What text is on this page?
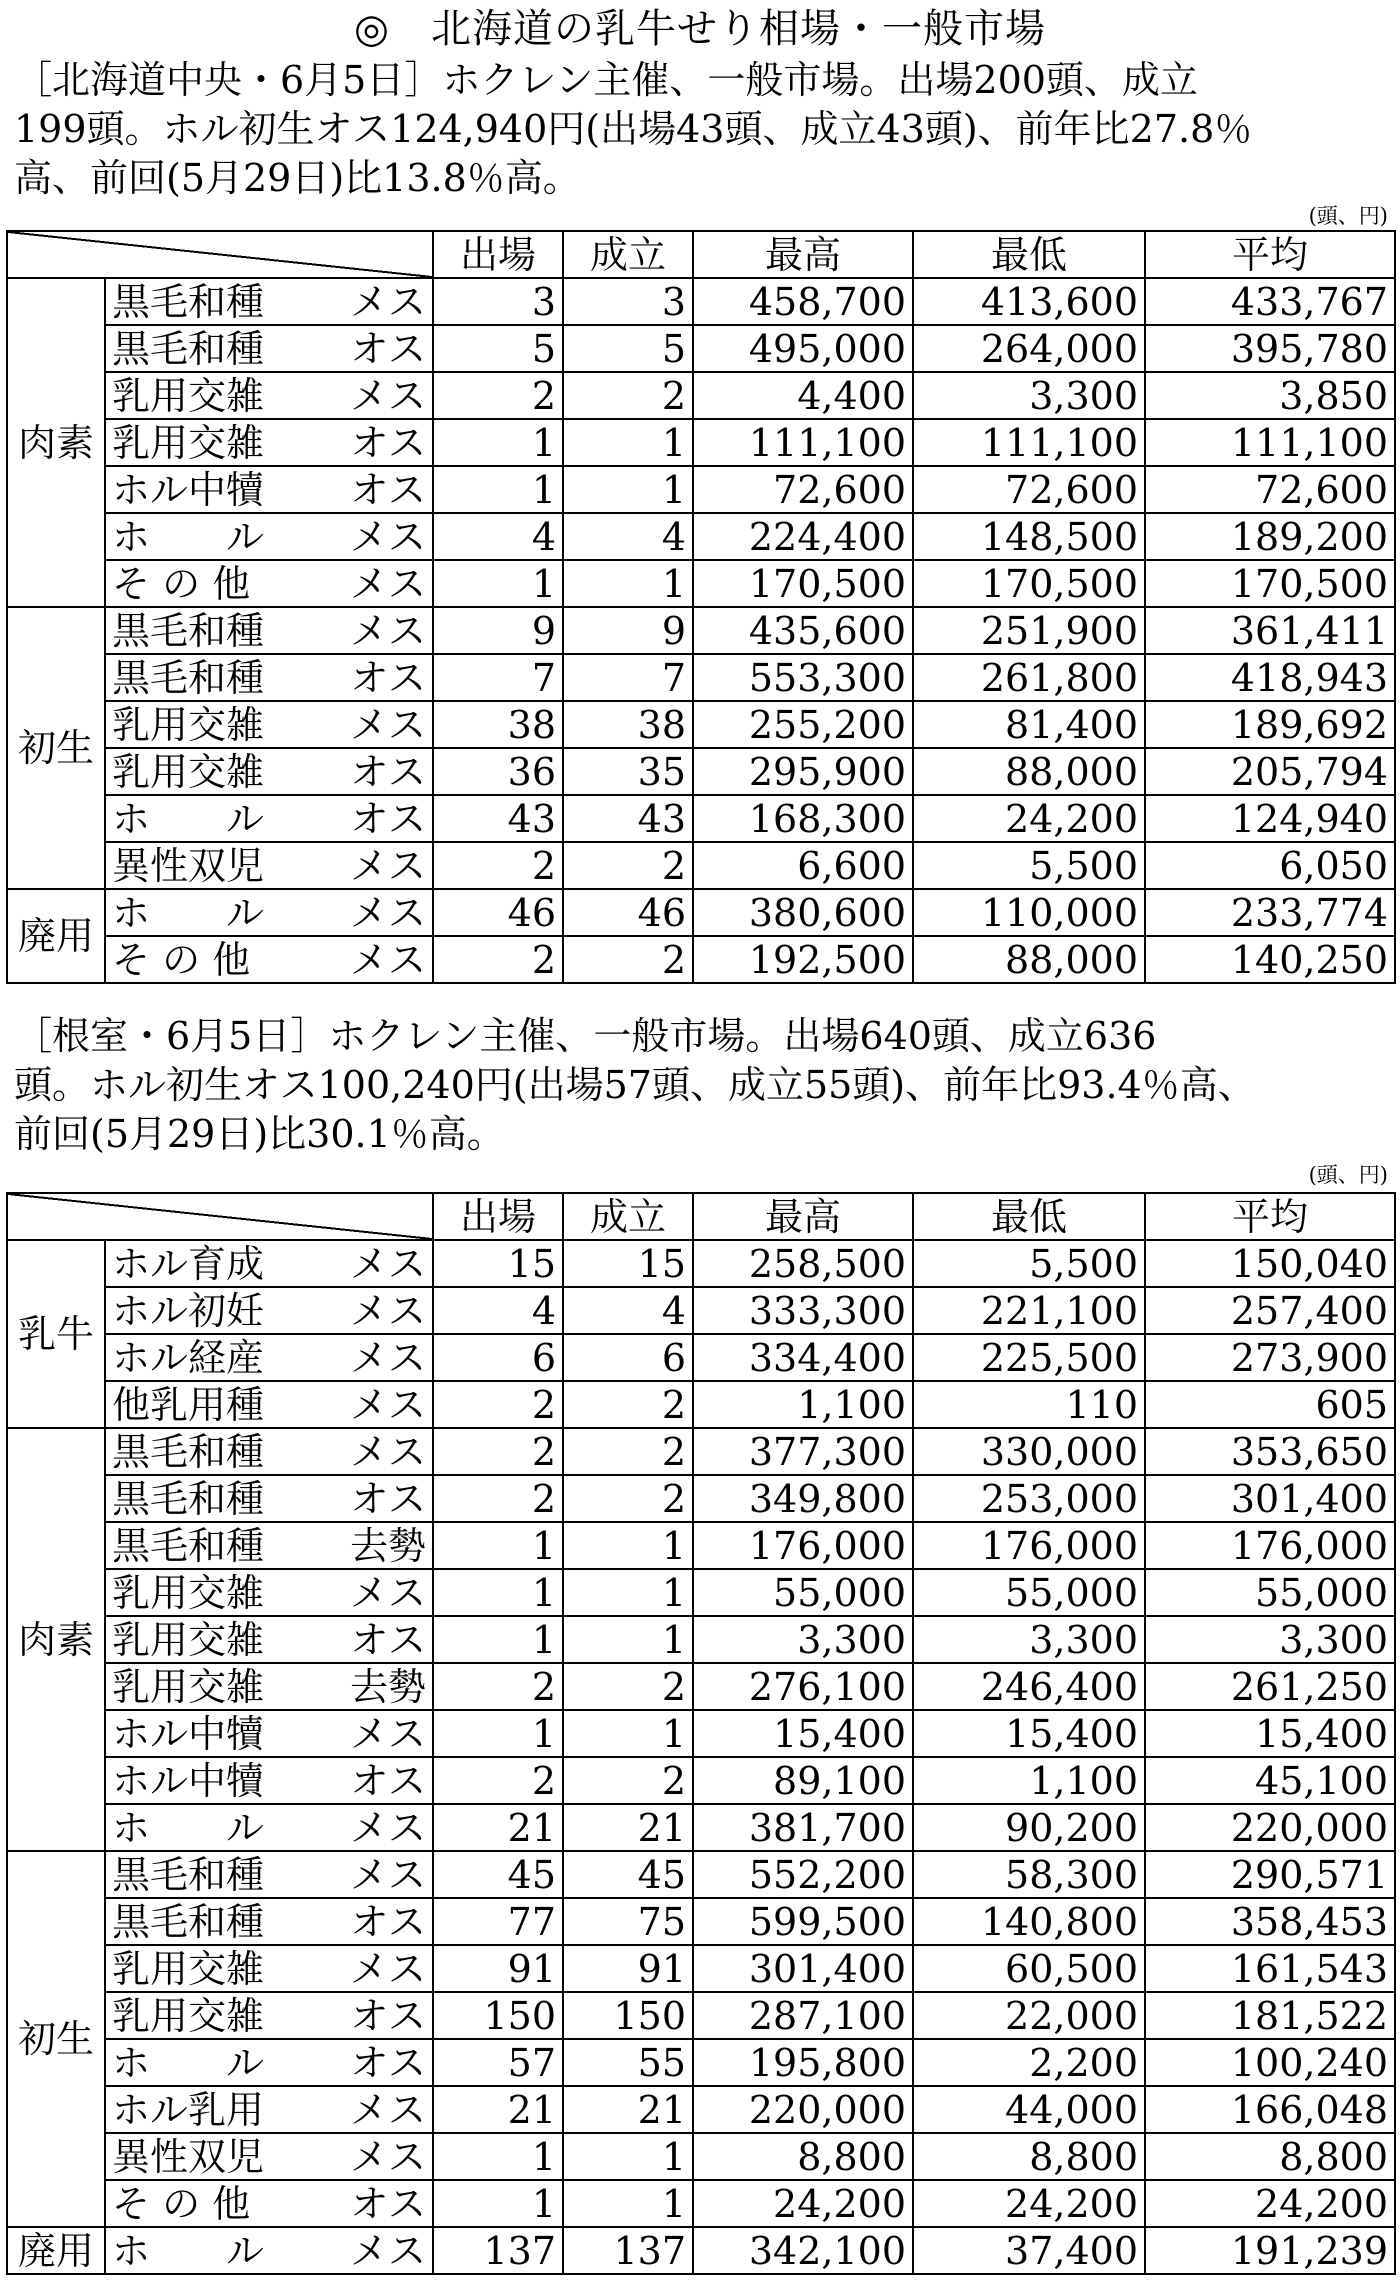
◎　北海道の乳牛せり相場・一般市場
［北海道中央・6月5日］ホクレン主催、一般市場。出場200頭、成立
199頭。ホル初生オス124,940円(出場43頭、成立43頭)、前年比27.8％
高、前回(5月29日)比13.8％高。
(頭、円)
		出場	成立	最高	最低	平均
肉素	黒毛和種 メス	3	3	458,700	413,600	433,767

	黒毛和種 オス	5	5	495,000	264,000	395,780

	乳用交雑 メス	2	2	4,400	3,300	3,850

	乳用交雑 オス	1	1	111,100	111,100	111,100

	ホル中犢 オス	1	1	72,600	72,600	72,600

	ホ　　ル メス	4	4	224,400	148,500	189,200

	そ の 他 メス	1	1	170,500	170,500	170,500
初生	黒毛和種 メス	9	9	435,600	251,900	361,411

	黒毛和種 オス	7	7	553,300	261,800	418,943

	乳用交雑 メス	38	38	255,200	81,400	189,692

	乳用交雑 オス	36	35	295,900	88,000	205,794

	ホ　　ル オス	43	43	168,300	24,200	124,940

	異性双児 メス	2	2	6,600	5,500	6,050
廃用	ホ　　ル メス	46	46	380,600	110,000	233,774

	そ の 他 メス	2	2	192,500	88,000	140,250
［根室・6月5日］ホクレン主催、一般市場。出場640頭、成立636
頭。ホル初生オス100,240円(出場57頭、成立55頭)、前年比93.4％高、
前回(5月29日)比30.1％高。
(頭、円)
		出場	成立	最高	最低	平均
乳牛	ホル育成 メス	15	15	258,500	5,500	150,040

	ホル初妊 メス	4	4	333,300	221,100	257,400

	ホル経産 メス	6	6	334,400	225,500	273,900

	他乳用種 メス	2	2	1,100	110	605
肉素	黒毛和種 メス	2	2	377,300	330,000	353,650

	黒毛和種 オス	2	2	349,800	253,000	301,400

	黒毛和種 去勢	1	1	176,000	176,000	176,000

	乳用交雑 メス	1	1	55,000	55,000	55,000

	乳用交雑 オス	1	1	3,300	3,300	3,300

	乳用交雑 去勢	2	2	276,100	246,400	261,250

	ホル中犢 メス	1	1	15,400	15,400	15,400

	ホル中犢 オス	2	2	89,100	1,100	45,100

	ホ　　ル メス	21	21	381,700	90,200	220,000
初生	黒毛和種 メス	45	45	552,200	58,300	290,571

	黒毛和種 オス	77	75	599,500	140,800	358,453

	乳用交雑 メス	91	91	301,400	60,500	161,543

	乳用交雑 オス	150	150	287,100	22,000	181,522

	ホ　　ル オス	57	55	195,800	2,200	100,240

	ホル乳用 メス	21	21	220,000	44,000	166,048

	異性双児 メス	1	1	8,800	8,800	8,800

	そ の 他 オス	1	1	24,200	24,200	24,200
廃用	ホ　　ル メス	137	137	342,100	37,400	191,239
